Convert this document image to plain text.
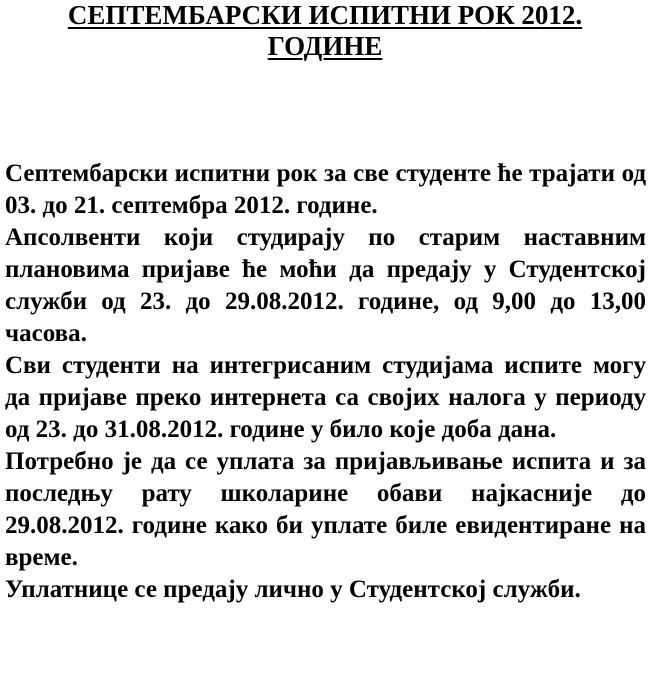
СЕПТЕМБАРСКИ ИСПИТНИ РОК 2012.
ГОДИНЕ

Септембарски испитни рок за све студенте ће трајати од 03. до 21. септембра 2012. године.

Апсолвенти који студирају по старим наставним плановима пријаве ће моћи да предају у Студентској служби од 23. до 29.08.2012. године, од 9,00 до 13,00 часова.

Сви студенти на интегрисаним студијама испите могу да пријаве преко интернета са својих налога у периоду од 23. до 31.08.2012. године у било које доба дана.

Потребно је да се уплата за пријављивање испита и за последњу рату школарине обави најкасније до 29.08.2012. године како би уплате биле евидентиране на време.

Уплатнице се предају лично у Студентској служби.
